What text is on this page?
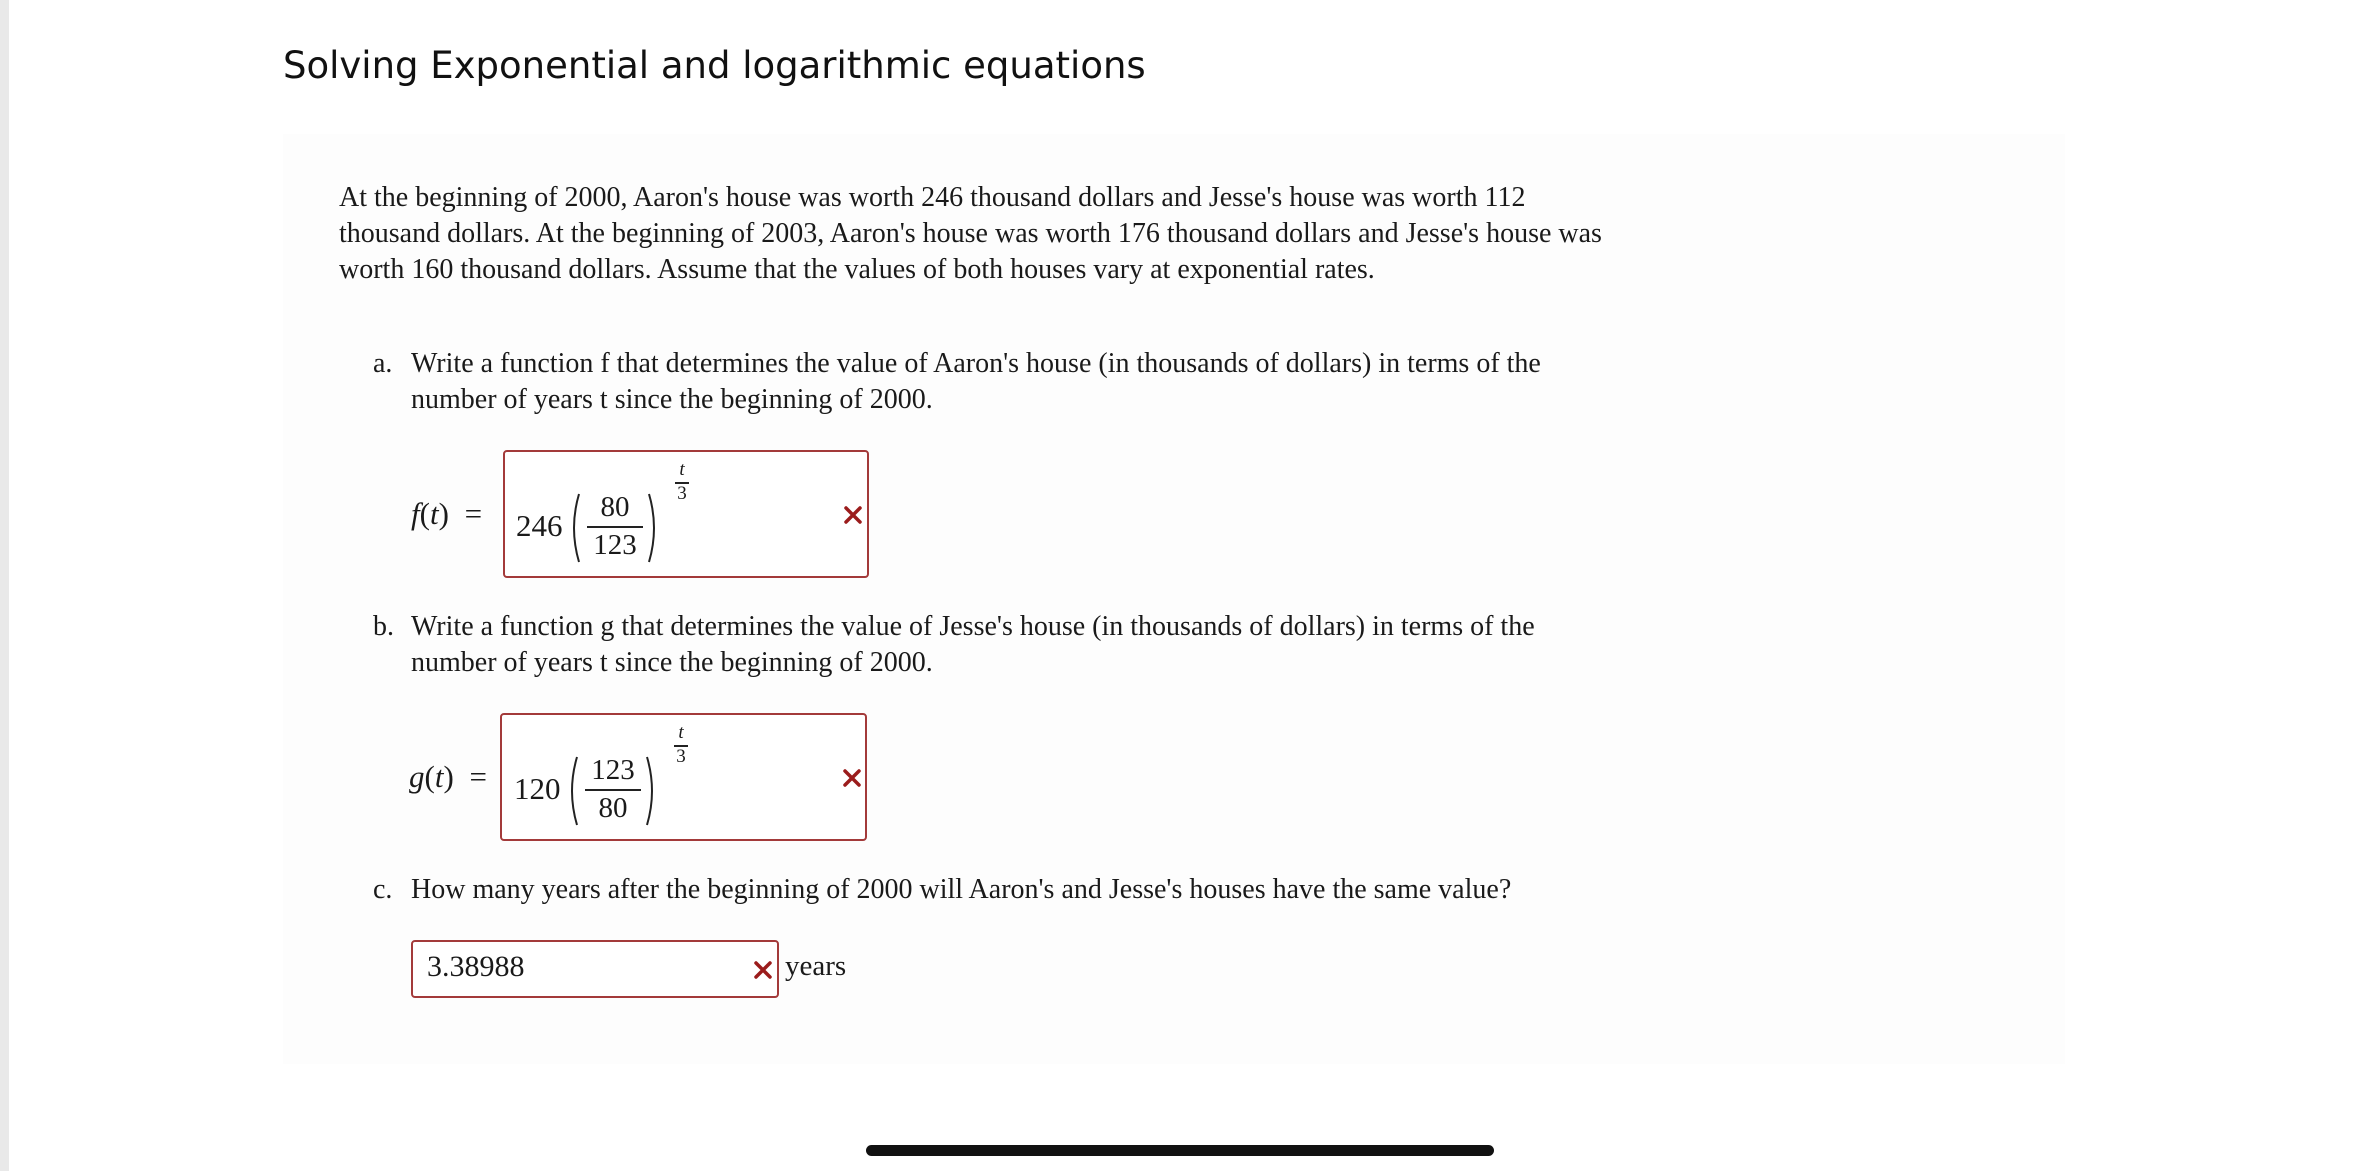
Solving Exponential and logarithmic equations

At the beginning of 2000, Aaron's house was worth 246 thousand dollars and Jesse's house was worth 112 thousand dollars. At the beginning of 2003, Aaron's house was worth 176 thousand dollars and Jesse's house was worth 160 thousand dollars. Assume that the values of both houses vary at exponential rates.

a. Write a function f that determines the value of Aaron's house (in thousands of dollars) in terms of the number of years t since the beginning of 2000.

f(t) = 246
80
123
t
3
b. Write a function g that determines the value of Jesse's house (in thousands of dollars) in terms of the number of years t since the beginning of 2000.

g(t) = 120
123
80
t
3
c. How many years after the beginning of 2000 will Aaron's and Jesse's houses have the same value?

3.38988	years
